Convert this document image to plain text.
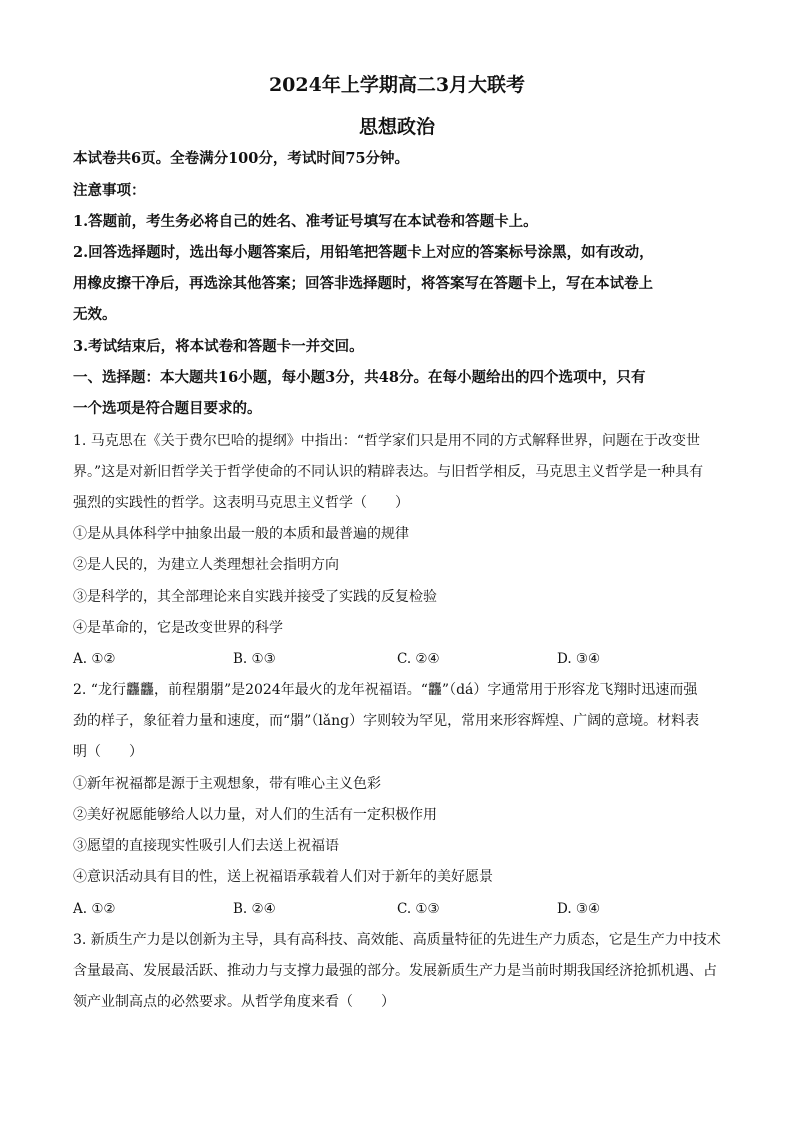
2024年上学期高二3月大联考
思想政治
本试卷共6页。全卷满分100分，考试时间75分钟。
注意事项：
1.答题前，考生务必将自己的姓名、准考证号填写在本试卷和答题卡上。
2.回答选择题时，选出每小题答案后，用铅笔把答题卡上对应的答案标号涂黑，如有改动，
用橡皮擦干净后，再选涂其他答案；回答非选择题时，将答案写在答题卡上，写在本试卷上
无效。
3.考试结束后，将本试卷和答题卡一并交回。
一、选择题：本大题共16小题，每小题3分，共48分。在每小题给出的四个选项中，只有
一个选项是符合题目要求的。
1. 马克思在《关于费尔巴哈的提纲》中指出：“哲学家们只是用不同的方式解释世界，问题在于改变世
界。”这是对新旧哲学关于哲学使命的不同认识的精辟表达。与旧哲学相反，马克思主义哲学是一种具有
强烈的实践性的哲学。这表明马克思主义哲学（　　）
①是从具体科学中抽象出最一般的本质和最普遍的规律
②是人民的，为建立人类理想社会指明方向
③是科学的，其全部理论来自实践并接受了实践的反复检验
④是革命的，它是改变世界的科学
A. ①②	B. ①③	C. ②④	D. ③④
2. “龙行龘龘，前程朤朤”是2024年最火的龙年祝福语。“龘”（dá）字通常用于形容龙飞翔时迅速而强
劲的样子，象征着力量和速度，而“朤”（lǎng）字则较为罕见，常用来形容辉煌、广阔的意境。材料表
明（　　）
①新年祝福都是源于主观想象，带有唯心主义色彩
②美好祝愿能够给人以力量，对人们的生活有一定积极作用
③愿望的直接现实性吸引人们去送上祝福语
④意识活动具有目的性，送上祝福语承载着人们对于新年的美好愿景
A. ①②	B. ②④	C. ①③	D. ③④
3. 新质生产力是以创新为主导，具有高科技、高效能、高质量特征的先进生产力质态，它是生产力中技术
含量最高、发展最活跃、推动力与支撑力最强的部分。发展新质生产力是当前时期我国经济抢抓机遇、占
领产业制高点的必然要求。从哲学角度来看（　　）
